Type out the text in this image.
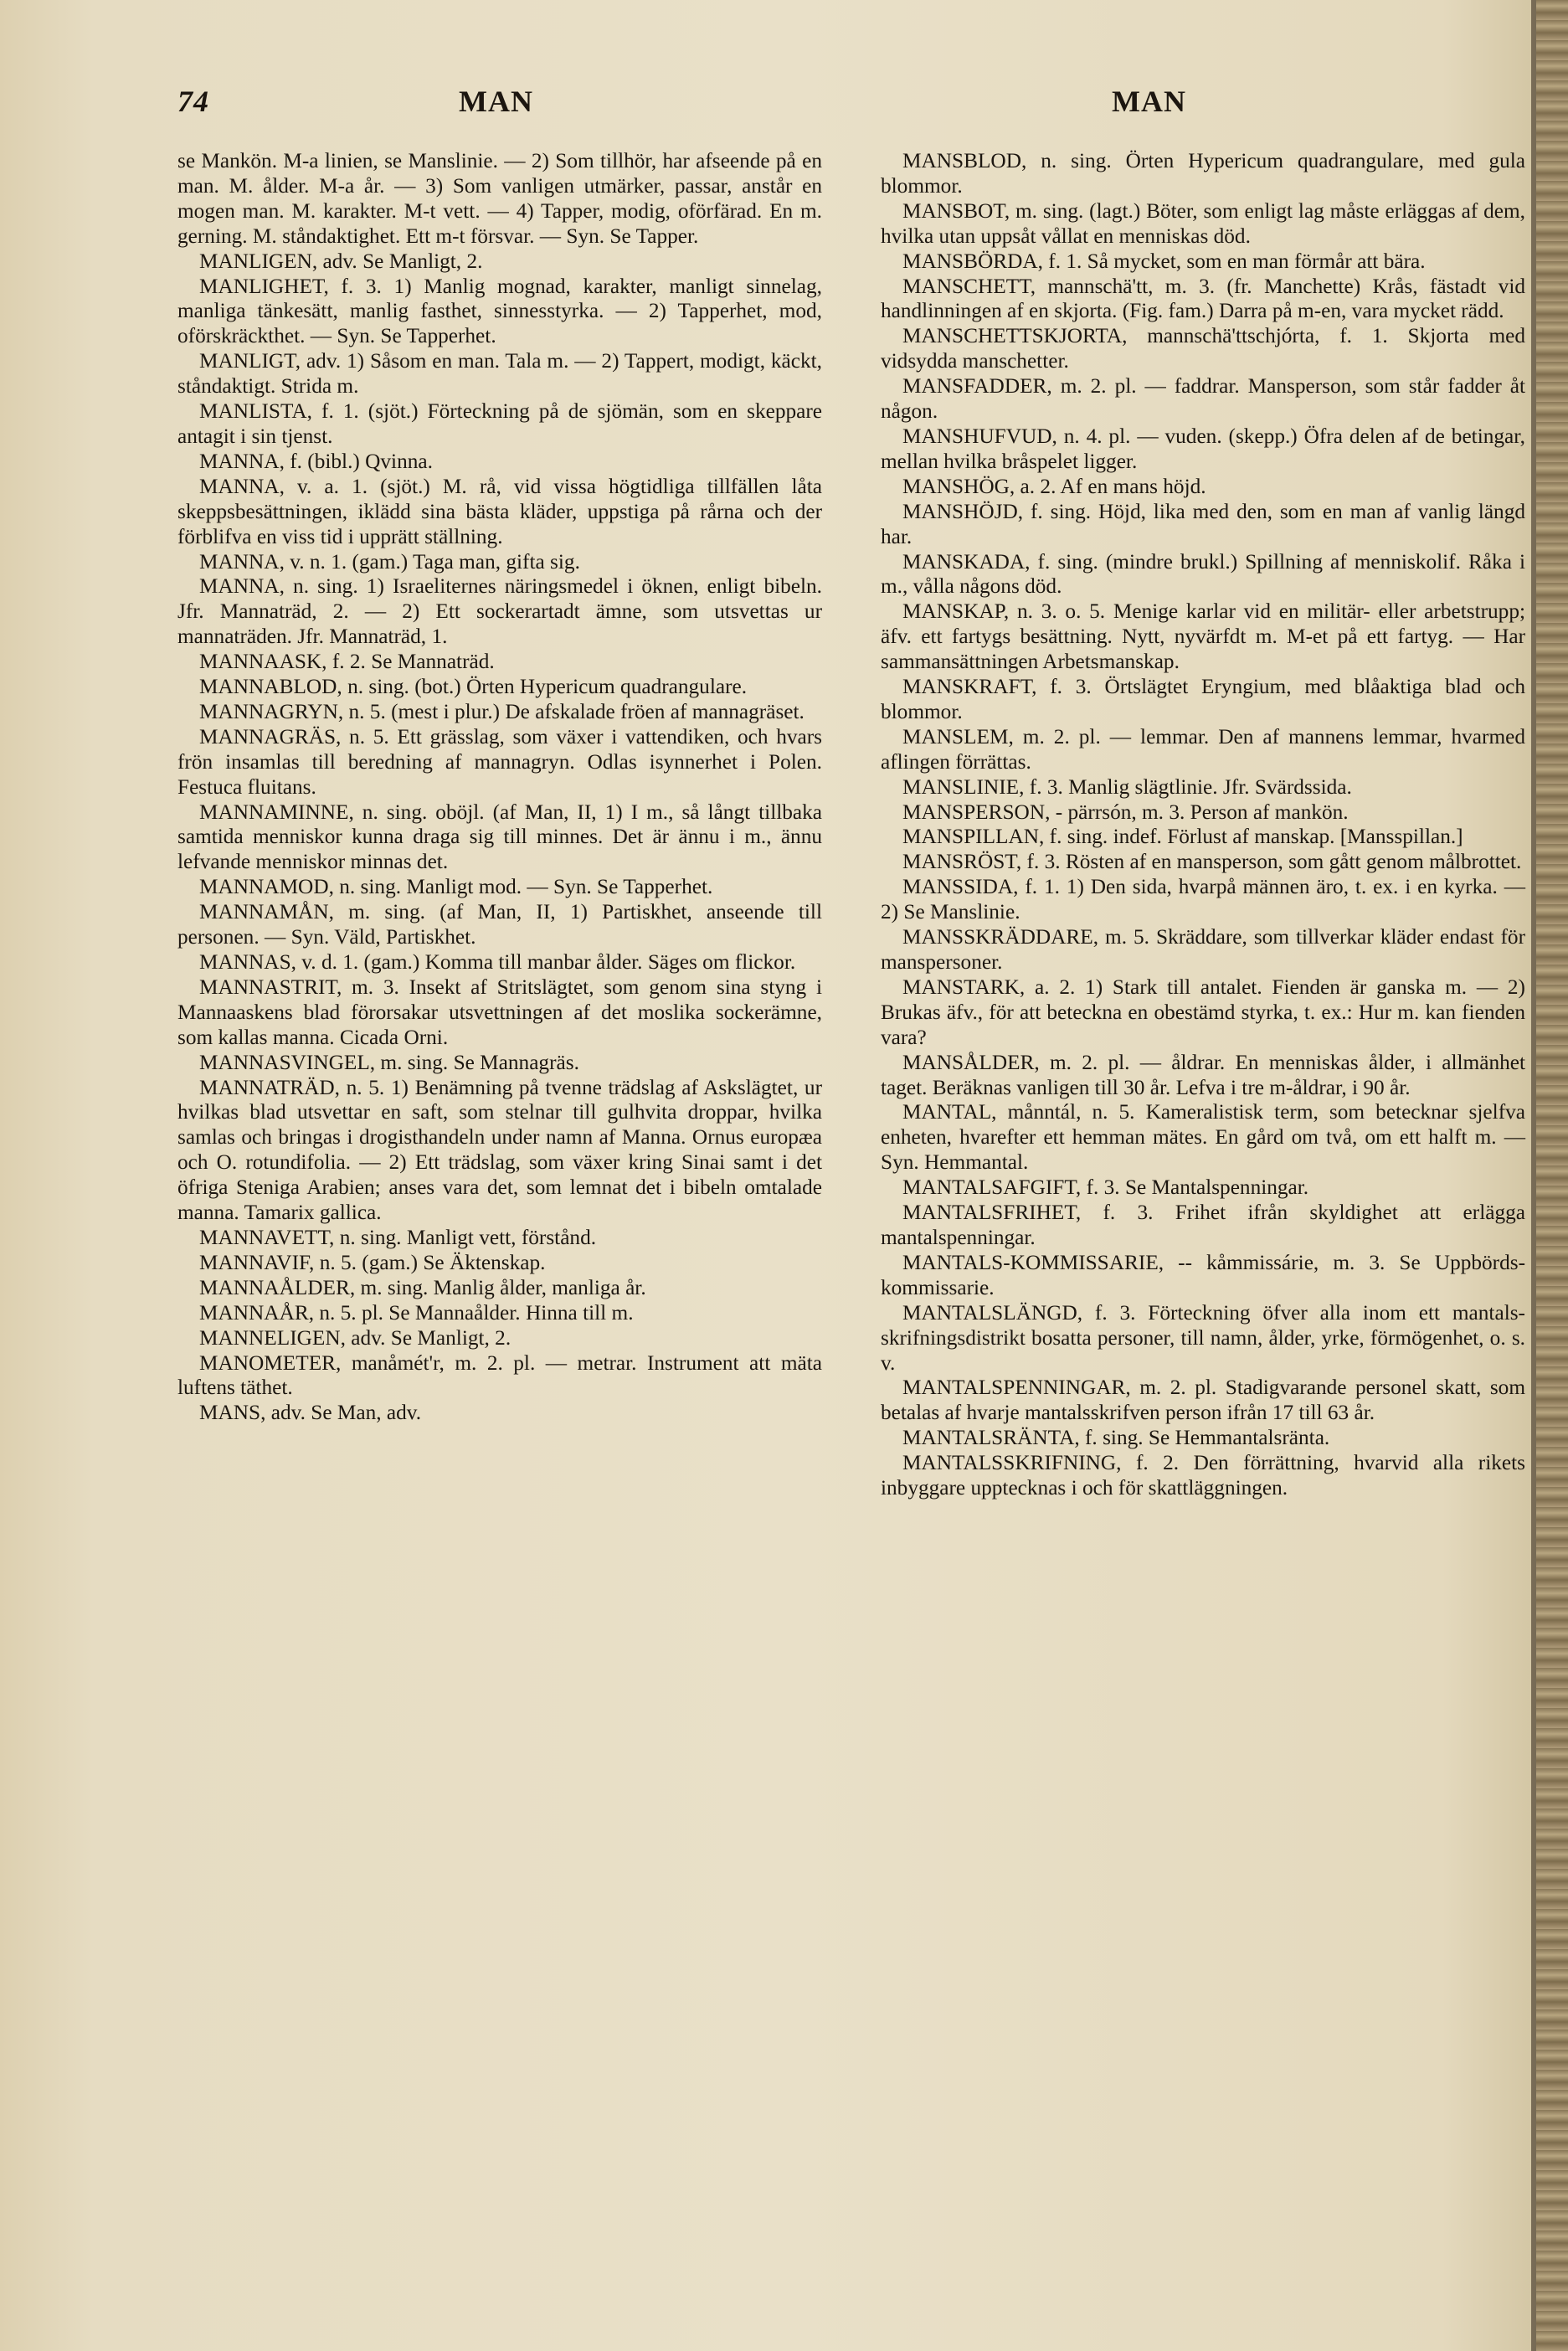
74	MAN	MAN

se Mankön. M-a linien, se Manslinie. — 2) Som tillhör, har afseende på en man. M. ålder. M-a år. — 3) Som vanligen utmärker, passar, anstår en mogen man. M. karakter. M-t vett. — 4) Tapper, modig, oförfärad. En m. gerning. M. ståndaktighet. Ett m-t försvar. — Syn. Se Tapper.

MANLIGEN, adv. Se Manligt, 2.

MANLIGHET, f. 3. 1) Manlig mognad, karakter, manligt sinnelag, manliga tänkesätt, manlig fasthet, sinnesstyrka. — 2) Tapperhet, mod, oförskräckthet. — Syn. Se Tapperhet.

MANLIGT, adv. 1) Såsom en man. Tala m. — 2) Tappert, modigt, käckt, ståndaktigt. Strida m.

MANLISTA, f. 1. (sjöt.) Förteckning på de sjömän, som en skeppare antagit i sin tjenst.

MANNA, f. (bibl.) Qvinna.

MANNA, v. a. 1. (sjöt.) M. rå, vid vissa högtidliga tillfällen låta skeppsbesättningen, iklädd sina bästa kläder, uppstiga på rårna och der förblifva en viss tid i upprätt ställning.

MANNA, v. n. 1. (gam.) Taga man, gifta sig.

MANNA, n. sing. 1) Israeliternes näringsmedel i öknen, enligt bibeln. Jfr. Mannaträd, 2. — 2) Ett sockerartadt ämne, som utsvettas ur mannaträden. Jfr. Mannaträd, 1.

MANNAASK, f. 2. Se Mannaträd.

MANNABLOD, n. sing. (bot.) Örten Hypericum quadrangulare.

MANNAGRYN, n. 5. (mest i plur.) De afskalade fröen af mannagräset.

MANNAGRÄS, n. 5. Ett grässlag, som växer i vattendiken, och hvars frön insamlas till beredning af mannagryn. Odlas isynnerhet i Polen. Festuca fluitans.

MANNAMINNE, n. sing. oböjl. (af Man, II, 1) I m., så långt tillbaka samtida menniskor kunna draga sig till minnes. Det är ännu i m., ännu lefvande menniskor minnas det.

MANNAMOD, n. sing. Manligt mod. — Syn. Se Tapperhet.

MANNAMÅN, m. sing. (af Man, II, 1) Partiskhet, anseende till personen. — Syn. Väld, Partiskhet.

MANNAS, v. d. 1. (gam.) Komma till manbar ålder. Säges om flickor.

MANNASTRIT, m. 3. Insekt af Stritslägtet, som genom sina styng i Mannaaskens blad förorsakar utsvettningen af det moslika sockerämne, som kallas manna. Cicada Orni.

MANNASVINGEL, m. sing. Se Mannagräs.

MANNATRÄD, n. 5. 1) Benämning på tvenne trädslag af Askslägtet, ur hvilkas blad utsvettar en saft, som stelnar till gulhvita droppar, hvilka samlas och bringas i drogisthandeln under namn af Manna. Ornus europæa och O. rotundifolia. — 2) Ett trädslag, som växer kring Sinai samt i det öfriga Steniga Arabien; anses vara det, som lemnat det i bibeln omtalade manna. Tamarix gallica.

MANNAVETT, n. sing. Manligt vett, förstånd.

MANNAVIF, n. 5. (gam.) Se Äktenskap.

MANNAÅLDER, m. sing. Manlig ålder, manliga år.

MANNAÅR, n. 5. pl. Se Mannaålder. Hinna till m.

MANNELIGEN, adv. Se Manligt, 2.

MANOMETER, manåmét'r, m. 2. pl. — metrar. Instrument att mäta luftens täthet.

MANS, adv. Se Man, adv.

MANSBLOD, n. sing. Örten Hypericum quadrangulare, med gula blommor.

MANSBOT, m. sing. (lagt.) Böter, som enligt lag måste erläggas af dem, hvilka utan uppsåt vållat en menniskas död.

MANSBÖRDA, f. 1. Så mycket, som en man förmår att bära.

MANSCHETT, mannschä'tt, m. 3. (fr. Manchette) Krås, fästadt vid handlinningen af en skjorta. (Fig. fam.) Darra på m-en, vara mycket rädd.

MANSCHETTSKJORTA, mannschä'ttschjórta, f. 1. Skjorta med vidsydda manschetter.

MANSFADDER, m. 2. pl. — faddrar. Mansperson, som står fadder åt någon.

MANSHUFVUD, n. 4. pl. — vuden. (skepp.) Öfra delen af de betingar, mellan hvilka bråspelet ligger.

MANSHÖG, a. 2. Af en mans höjd.

MANSHÖJD, f. sing. Höjd, lika med den, som en man af vanlig längd har.

MANSKADA, f. sing. (mindre brukl.) Spillning af menniskolif. Råka i m., vålla någons död.

MANSKAP, n. 3. o. 5. Menige karlar vid en militär- eller arbetstrupp; äfv. ett fartygs besättning. Nytt, nyvärfdt m. M-et på ett fartyg. — Har sammansättningen Arbetsmanskap.

MANSKRAFT, f. 3. Örtslägtet Eryngium, med blåaktiga blad och blommor.

MANSLEM, m. 2. pl. — lemmar. Den af mannens lemmar, hvarmed aflingen förrättas.

MANSLINIE, f. 3. Manlig slägtlinie. Jfr. Svärdssida.

MANSPERSON, - pärrsón, m. 3. Person af mankön.

MANSPILLAN, f. sing. indef. Förlust af manskap. [Mansspillan.]

MANSRÖST, f. 3. Rösten af en mansperson, som gått genom målbrottet.

MANSSIDA, f. 1. 1) Den sida, hvarpå männen äro, t. ex. i en kyrka. — 2) Se Manslinie.

MANSSKRÄDDARE, m. 5. Skräddare, som tillverkar kläder endast för manspersoner.

MANSTARK, a. 2. 1) Stark till antalet. Fienden är ganska m. — 2) Brukas äfv., för att beteckna en obestämd styrka, t. ex.: Hur m. kan fienden vara?

MANSÅLDER, m. 2. pl. — åldrar. En menniskas ålder, i allmänhet taget. Beräknas vanligen till 30 år. Lefva i tre m-åldrar, i 90 år.

MANTAL, månntál, n. 5. Kameralistisk term, som betecknar sjelfva enheten, hvarefter ett hemman mätes. En gård om två, om ett halft m. — Syn. Hemmantal.

MANTALSAFGIFT, f. 3. Se Mantalspenningar.

MANTALSFRIHET, f. 3. Frihet ifrån skyldighet att erlägga mantalspenningar.

MANTALS-KOMMISSARIE, -- kåmmissárie, m. 3. Se Uppbörds-kommissarie.

MANTALSLÄNGD, f. 3. Förteckning öfver alla inom ett mantals-skrifningsdistrikt bosatta personer, till namn, ålder, yrke, förmögenhet, o. s. v.

MANTALSPENNINGAR, m. 2. pl. Stadigvarande personel skatt, som betalas af hvarje mantalsskrifven person ifrån 17 till 63 år.

MANTALSRÄNTA, f. sing. Se Hemmantalsränta.

MANTALSSKRIFNING, f. 2. Den förrättning, hvarvid alla rikets inbyggare upptecknas i och för skattläggningen.
